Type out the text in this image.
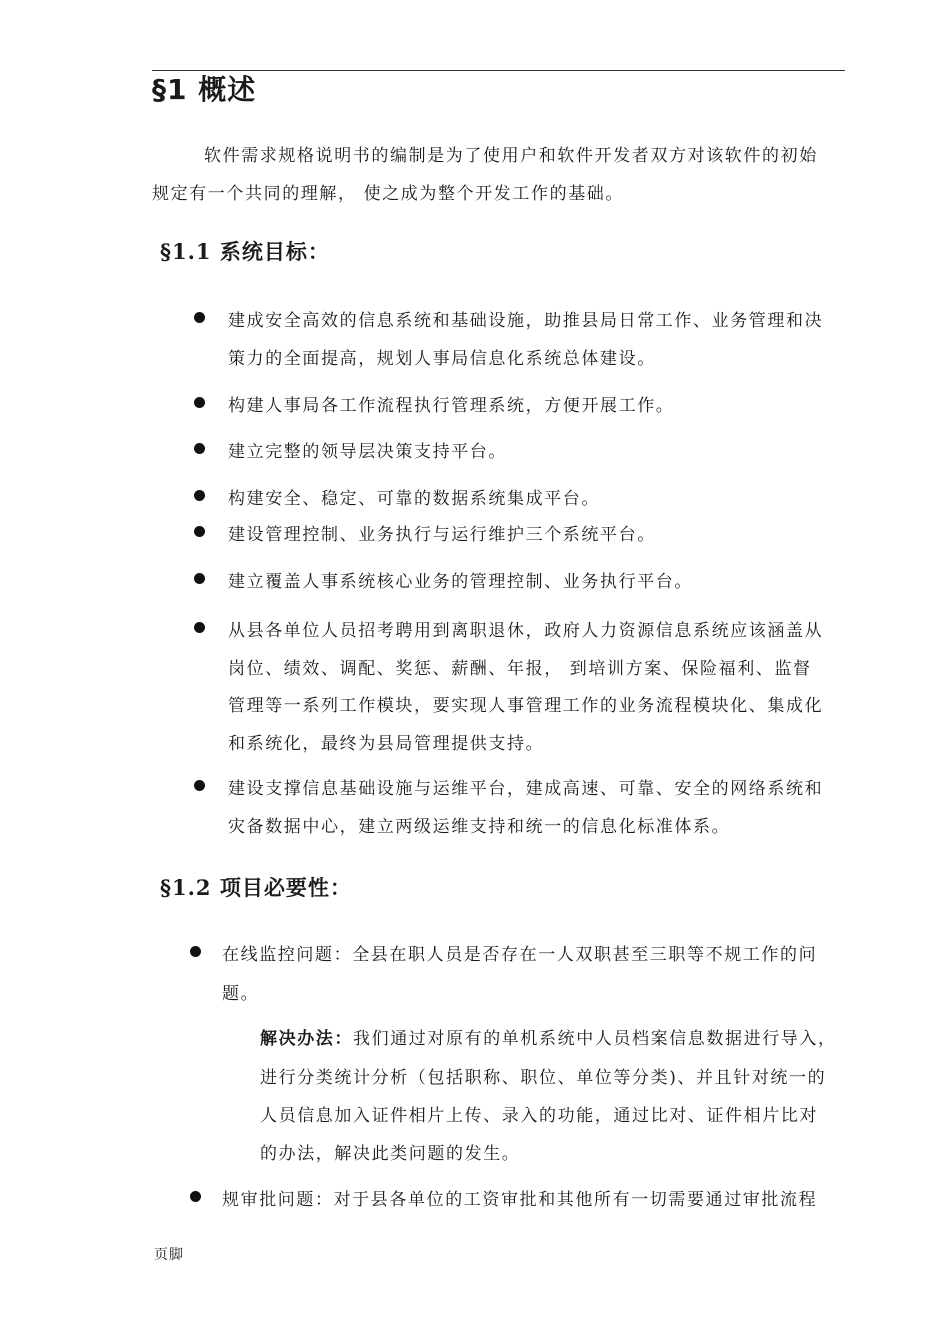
§1 概述
软件需求规格说明书的编制是为了使用户和软件开发者双方对该软件的初始
规定有一个共同的理解， 使之成为整个开发工作的基础。
§1.1 系统目标：
建成安全高效的信息系统和基础设施，助推县局日常工作、业务管理和决
策力的全面提高，规划人事局信息化系统总体建设。
构建人事局各工作流程执行管理系统，方便开展工作。
建立完整的领导层决策支持平台。
构建安全、稳定、可靠的数据系统集成平台。
建设管理控制、业务执行与运行维护三个系统平台。
建立覆盖人事系统核心业务的管理控制、业务执行平台。
从县各单位人员招考聘用到离职退休，政府人力资源信息系统应该涵盖从
岗位、绩效、调配、奖惩、薪酬、年报， 到培训方案、保险福利、监督
管理等一系列工作模块，要实现人事管理工作的业务流程模块化、集成化
和系统化，最终为县局管理提供支持。
建设支撑信息基础设施与运维平台，建成高速、可靠、安全的网络系统和
灾备数据中心，建立两级运维支持和统一的信息化标准体系。
§1.2 项目必要性：
在线监控问题：全县在职人员是否存在一人双职甚至三职等不规工作的问
题。
解决办法：我们通过对原有的单机系统中人员档案信息数据进行导入，
进行分类统计分析（包括职称、职位、单位等分类)、并且针对统一的
人员信息加入证件相片上传、录入的功能，通过比对、证件相片比对
的办法，解决此类问题的发生。
规审批问题：对于县各单位的工资审批和其他所有一切需要通过审批流程
页脚
